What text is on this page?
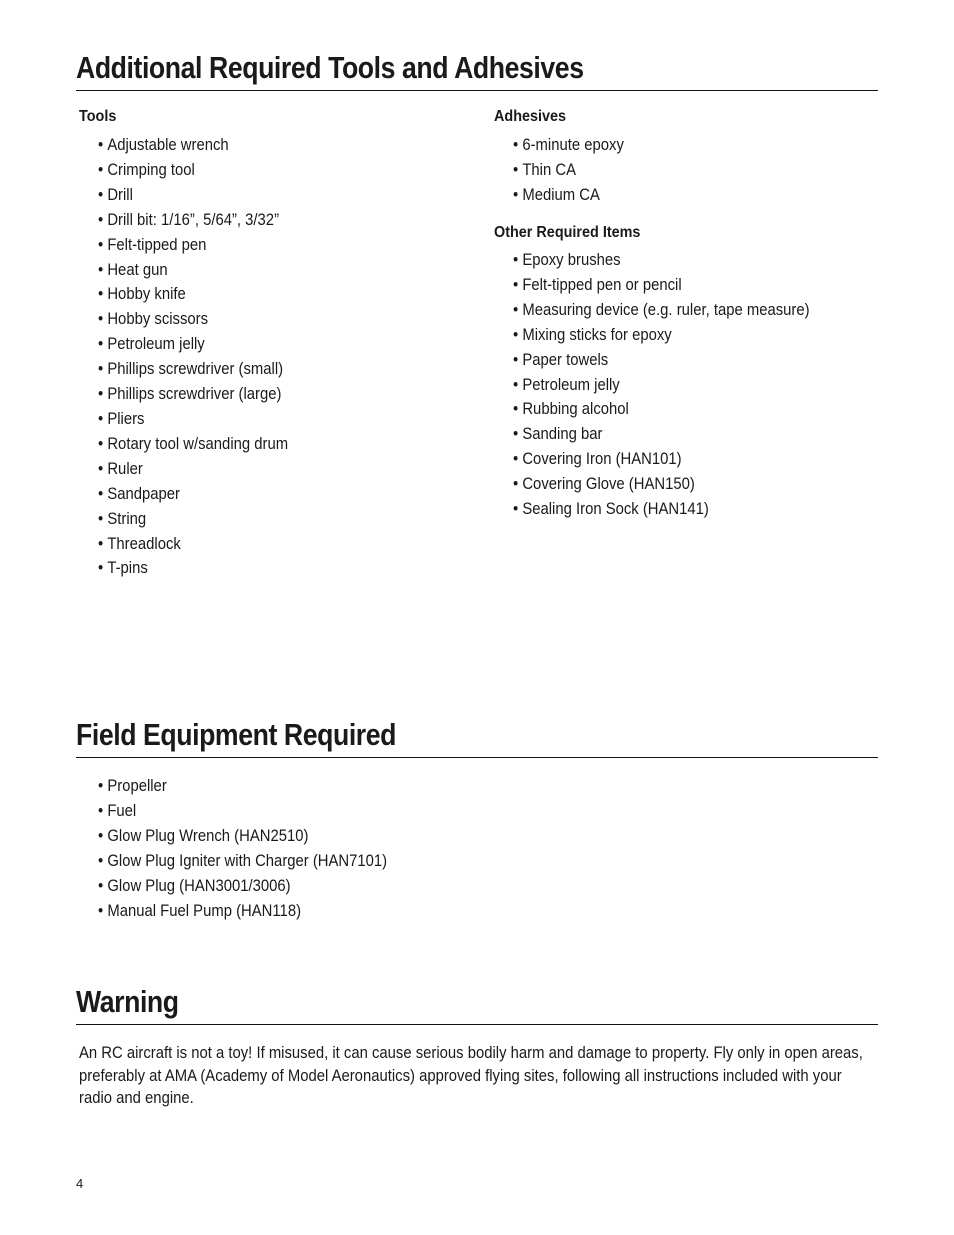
Additional Required Tools and Adhesives
Tools
• Adjustable wrench
• Crimping tool
• Drill
• Drill bit: 1/16”, 5/64”, 3/32”
• Felt-tipped pen
• Heat gun
• Hobby knife
• Hobby scissors
• Petroleum jelly
• Phillips screwdriver (small)
• Phillips screwdriver (large)
• Pliers
• Rotary tool w/sanding drum
• Ruler
• Sandpaper
• String
• Threadlock
• T-pins
Adhesives
• 6-minute epoxy
• Thin CA
• Medium CA
Other Required Items
• Epoxy brushes
• Felt-tipped pen or pencil
• Measuring device (e.g. ruler, tape measure)
• Mixing sticks for epoxy
• Paper towels
• Petroleum jelly
• Rubbing alcohol
• Sanding bar
• Covering Iron (HAN101)
• Covering Glove (HAN150)
• Sealing Iron Sock (HAN141)
Field Equipment Required
• Propeller
• Fuel
• Glow Plug Wrench (HAN2510)
• Glow Plug Igniter with Charger (HAN7101)
• Glow Plug (HAN3001/3006)
• Manual Fuel Pump (HAN118)
Warning

An RC aircraft is not a toy! If misused, it can cause serious bodily harm and damage to property. Fly only in open areas, preferably at AMA (Academy of Model Aeronautics) approved flying sites, following all instructions included with your radio and engine.

4
